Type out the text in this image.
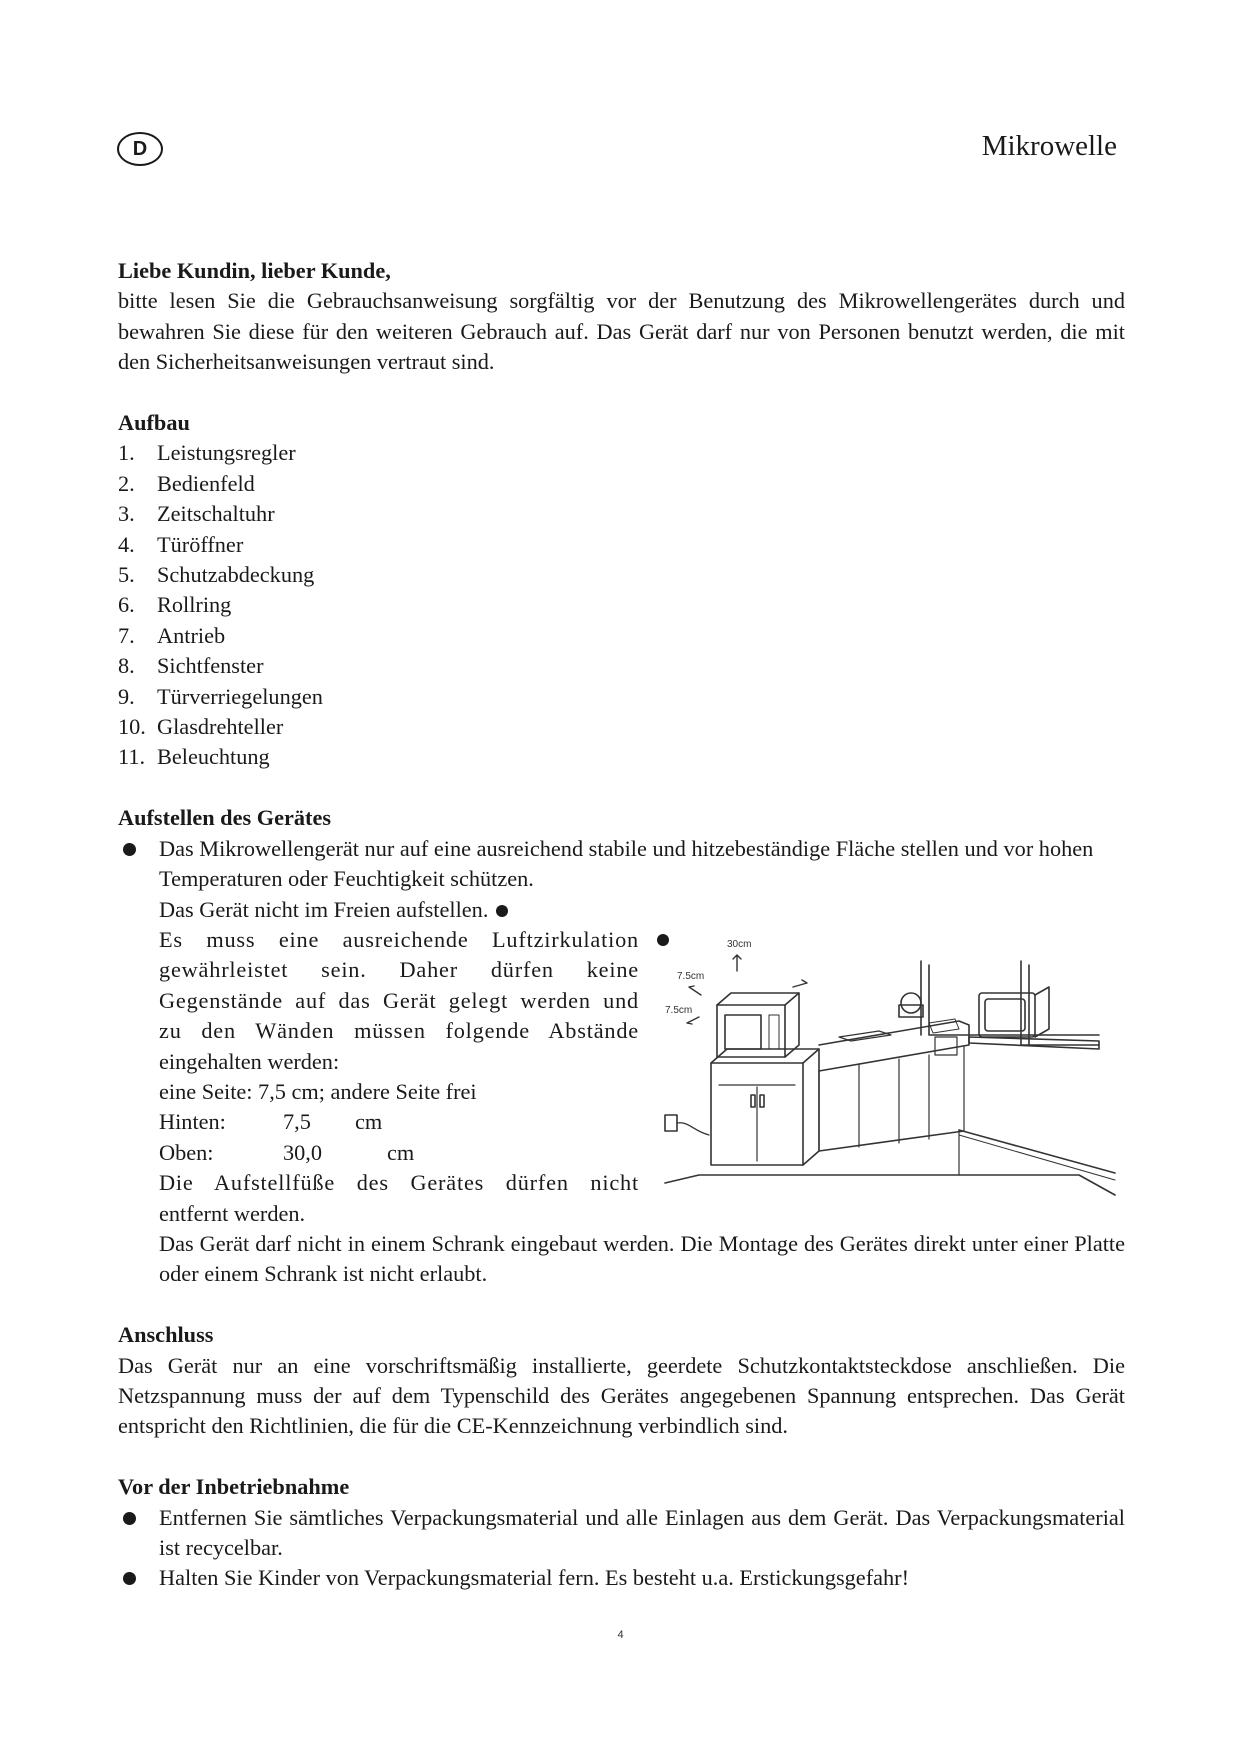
D	Mikrowelle
Liebe Kundin, lieber Kunde,

bitte lesen Sie die Gebrauchsanweisung sorgfältig vor der Benutzung des Mikrowellengerätes durch und bewahren Sie diese für den weiteren Gebrauch auf. Das Gerät darf nur von Personen benutzt werden, die mit den Sicherheitsanweisungen vertraut sind.

Aufbau
1. Leistungsregler
2. Bedienfeld
3. Zeitschaltuhr
4. Türöffner
5. Schutzabdeckung
6. Rollring
7. Antrieb
8. Sichtfenster
9. Türverriegelungen
10. Glasdrehteller
11. Beleuchtung
Aufstellen des Gerätes
Das Mikrowellengerät nur auf eine ausreichend stabile und hitzebeständige Fläche stellen und vor hohen Temperaturen oder Feuchtigkeit schützen.
Das Gerät nicht im Freien aufstellen.
Es muss eine ausreichende Luftzirkulation
gewährleistet sein. Daher dürfen keine
Gegenstände auf das Gerät gelegt werden und
zu den Wänden müssen folgende Abstände
eingehalten werden:
eine Seite: 7,5 cm; andere Seite frei
Hinten:	7,5	cm
Oben:	30,0	cm
Die Aufstellfüße des Gerätes dürfen nicht
entfernt werden.
30cm
7.5cm
7.5cm
Das Gerät darf nicht in einem Schrank eingebaut werden. Die Montage des Gerätes direkt unter einer Platte oder einem Schrank ist nicht erlaubt.
Anschluss

Das Gerät nur an eine vorschriftsmäßig installierte, geerdete Schutzkontaktsteckdose anschließen. Die Netzspannung muss der auf dem Typenschild des Gerätes angegebenen Spannung entsprechen. Das Gerät entspricht den Richtlinien, die für die CE-Kennzeichnung verbindlich sind.

Vor der Inbetriebnahme
Entfernen Sie sämtliches Verpackungsmaterial und alle Einlagen aus dem Gerät. Das Verpackungsmaterial ist recycelbar.
Halten Sie Kinder von Verpackungsmaterial fern. Es besteht u.a. Erstickungsgefahr!
4
